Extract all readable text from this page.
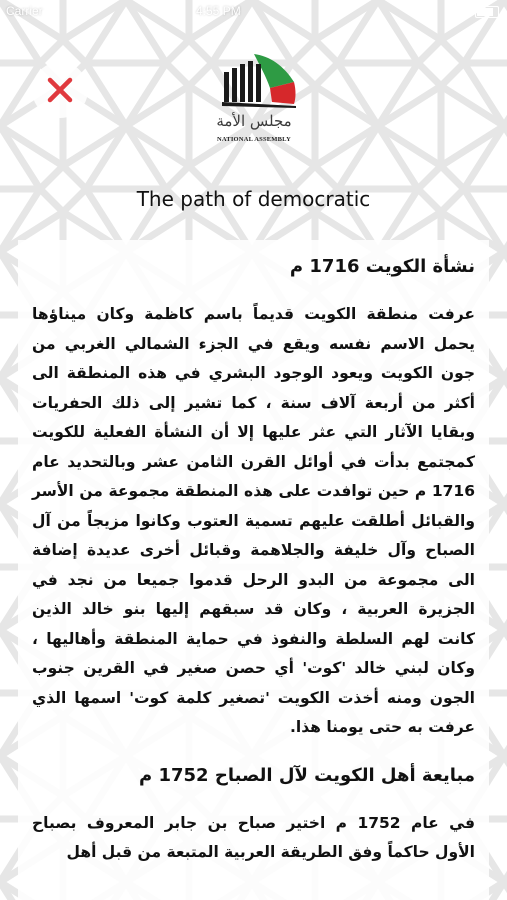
Carrier	4:55 PM
مجلس الأمة
NATIONAL ASSEMBLY
The path of democratic
نشأة الكويت 1716 م

عرفت منطقة الكويت قديماً باسم كاظمة وكان ميناؤها يحمل الاسم نفسه ويقع في الجزء الشمالي الغربي من جون الكويت ويعود الوجود البشري في هذه المنطقة الى أكثر من أربعة آلاف سنة ، كما تشير إلى ذلك الحفريات وبقايا الآثار التي عثر عليها إلا أن النشأة الفعلية للكويت كمجتمع بدأت في أوائل القرن الثامن عشر وبالتحديد عام 1716 م حين توافدت على هذه المنطقة مجموعة من الأسر والقبائل أطلقت عليهم تسمية العتوب وكانوا مزيجاً من آل الصباح وآل خليفة والجلاهمة وقبائل أخرى عديدة إضافة الى مجموعة من البدو الرحل قدموا جميعا من نجد في الجزيرة العربية ، وكان قد سبقهم إليها بنو خالد الذين كانت لهم السلطة والنفوذ في حماية المنطقة وأهاليها ، وكان لبني خالد 'كوت' أي حصن صغير في القرين جنوب الجون ومنه أخذت الكويت 'تصغير كلمة كوت' اسمها الذي عرفت به حتى يومنا هذا.

مبايعة أهل الكويت لآل الصباح 1752 م

في عام 1752 م اختير صباح بن جابر المعروف بصباح الأول حاكماً وفق الطريقة العربية المتبعة من قبل أهل
